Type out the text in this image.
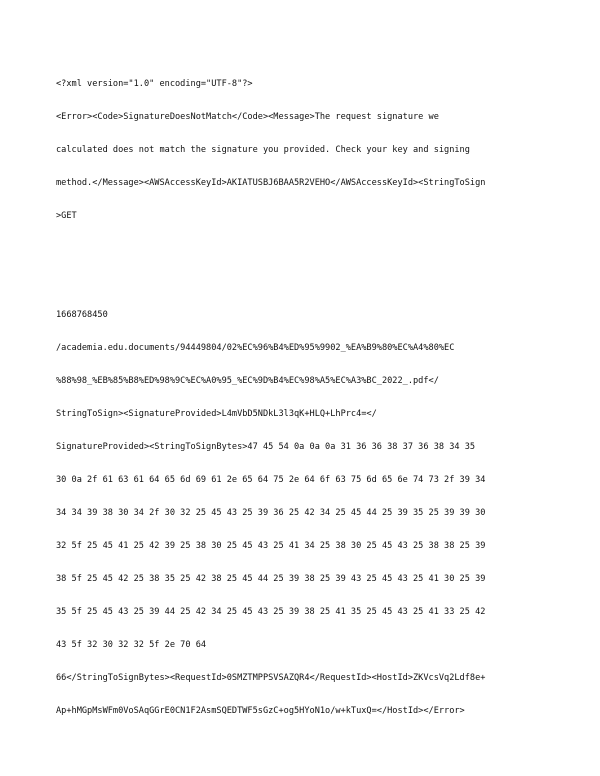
<?xml version="1.0" encoding="UTF-8"?>

<Error><Code>SignatureDoesNotMatch</Code><Message>The request signature we

calculated does not match the signature you provided. Check your key and signing

method.</Message><AWSAccessKeyId>AKIATUSBJ6BAA5R2VEHO</AWSAccessKeyId><StringToSign

>GET

1668768450

/academia.edu.documents/94449804/02%EC%96%B4%ED%95%9902_%EA%B9%80%EC%A4%80%EC

%88%98_%EB%85%B8%ED%98%9C%EC%A0%95_%EC%9D%B4%EC%98%A5%EC%A3%BC_2022_.pdf</

StringToSign><SignatureProvided>L4mVbD5NDkL3l3qK+HLQ+LhPrc4=</

SignatureProvided><StringToSignBytes>47 45 54 0a 0a 0a 31 36 36 38 37 36 38 34 35

30 0a 2f 61 63 61 64 65 6d 69 61 2e 65 64 75 2e 64 6f 63 75 6d 65 6e 74 73 2f 39 34

34 34 39 38 30 34 2f 30 32 25 45 43 25 39 36 25 42 34 25 45 44 25 39 35 25 39 39 30

32 5f 25 45 41 25 42 39 25 38 30 25 45 43 25 41 34 25 38 30 25 45 43 25 38 38 25 39

38 5f 25 45 42 25 38 35 25 42 38 25 45 44 25 39 38 25 39 43 25 45 43 25 41 30 25 39

35 5f 25 45 43 25 39 44 25 42 34 25 45 43 25 39 38 25 41 35 25 45 43 25 41 33 25 42

43 5f 32 30 32 32 5f 2e 70 64

66</StringToSignBytes><RequestId>0SMZTMPPSVSAZQR4</RequestId><HostId>ZKVcsVq2Ldf8e+

Ap+hMGpMsWFm0VoSAqGGrE0CN1F2AsmSQEDTWF5sGzC+og5HYoN1o/w+kTuxQ=</HostId></Error>
